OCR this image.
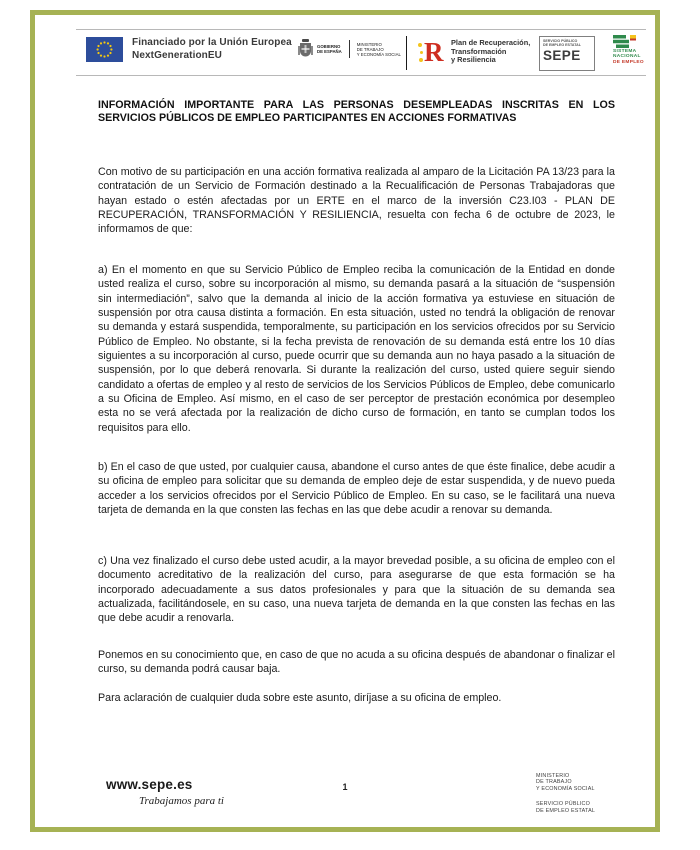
Financiado por la Unión Europea
NextGenerationEU
GOBIERNO
DE ESPAÑA
MINISTERIO
DE TRABAJO
Y ECONOMÍA SOCIAL R Plan de Recuperación,
Transformación
y Resiliencia
SERVICIO PÚBLICO
DE EMPLEO ESTATAL
SEPE	SISTEMA
NACIONAL
DE EMPLEO
INFORMACIÓN IMPORTANTE PARA LAS PERSONAS DESEMPLEADAS INSCRITAS EN LOS SERVICIOS PÚBLICOS DE EMPLEO PARTICIPANTES EN ACCIONES FORMATIVAS

Con motivo de su participación en una acción formativa realizada al amparo de la Licitación PA 13/23 para la contratación de un Servicio de Formación destinado a la Recualificación de Personas Trabajadoras que hayan estado o estén afectadas por un ERTE en el marco de la inversión C23.I03 - PLAN DE RECUPERACIÓN, TRANSFORMACIÓN Y RESILIENCIA, resuelta con fecha 6 de octubre de 2023, le informamos de que:

a) En el momento en que su Servicio Público de Empleo reciba la comunicación de la Entidad en donde usted realiza el curso, sobre su incorporación al mismo, su demanda pasará a la situación de “suspensión sin intermediación”, salvo que la demanda al inicio de la acción formativa ya estuviese en situación de suspensión por otra causa distinta a formación. En esta situación, usted no tendrá la obligación de renovar su demanda y estará suspendida, temporalmente, su participación en los servicios ofrecidos por su Servicio Público de Empleo. No obstante, si la fecha prevista de renovación de su demanda está entre los 10 días siguientes a su incorporación al curso, puede ocurrir que su demanda aun no haya pasado a la situación de suspensión, por lo que deberá renovarla. Si durante la realización del curso, usted quiere seguir siendo candidato a ofertas de empleo y al resto de servicios de los Servicios Públicos de Empleo, debe comunicarlo a su Oficina de Empleo. Así mismo, en el caso de ser perceptor de prestación económica por desempleo esta no se verá afectada por la realización de dicho curso de formación, en tanto se cumplan todos los requisitos para ello.

b) En el caso de que usted, por cualquier causa, abandone el curso antes de que éste finalice, debe acudir a su oficina de empleo para solicitar que su demanda de empleo deje de estar suspendida, y de nuevo pueda acceder a los servicios ofrecidos por el Servicio Público de Empleo. En su caso, se le facilitará una nueva tarjeta de demanda en la que consten las fechas en las que debe acudir a renovar su demanda.

c) Una vez finalizado el curso debe usted acudir, a la mayor brevedad posible, a su oficina de empleo con el documento acreditativo de la realización del curso, para asegurarse de que esta formación se ha incorporado adecuadamente a sus datos profesionales y para que la situación de su demanda sea actualizada, facilitándosele, en su caso, una nueva tarjeta de demanda en la que consten las fechas en las que debe acudir a renovarla.

Ponemos en su conocimiento que, en caso de que no acuda a su oficina después de abandonar o finalizar el curso, su demanda podrá causar baja.

Para aclaración de cualquier duda sobre este asunto, diríjase a su oficina de empleo.

www.sepe.es
Trabajamos para ti
1
MINISTERIO
DE TRABAJO
Y ECONOMÍA SOCIAL
SERVICIO PÚBLICO
DE EMPLEO ESTATAL
